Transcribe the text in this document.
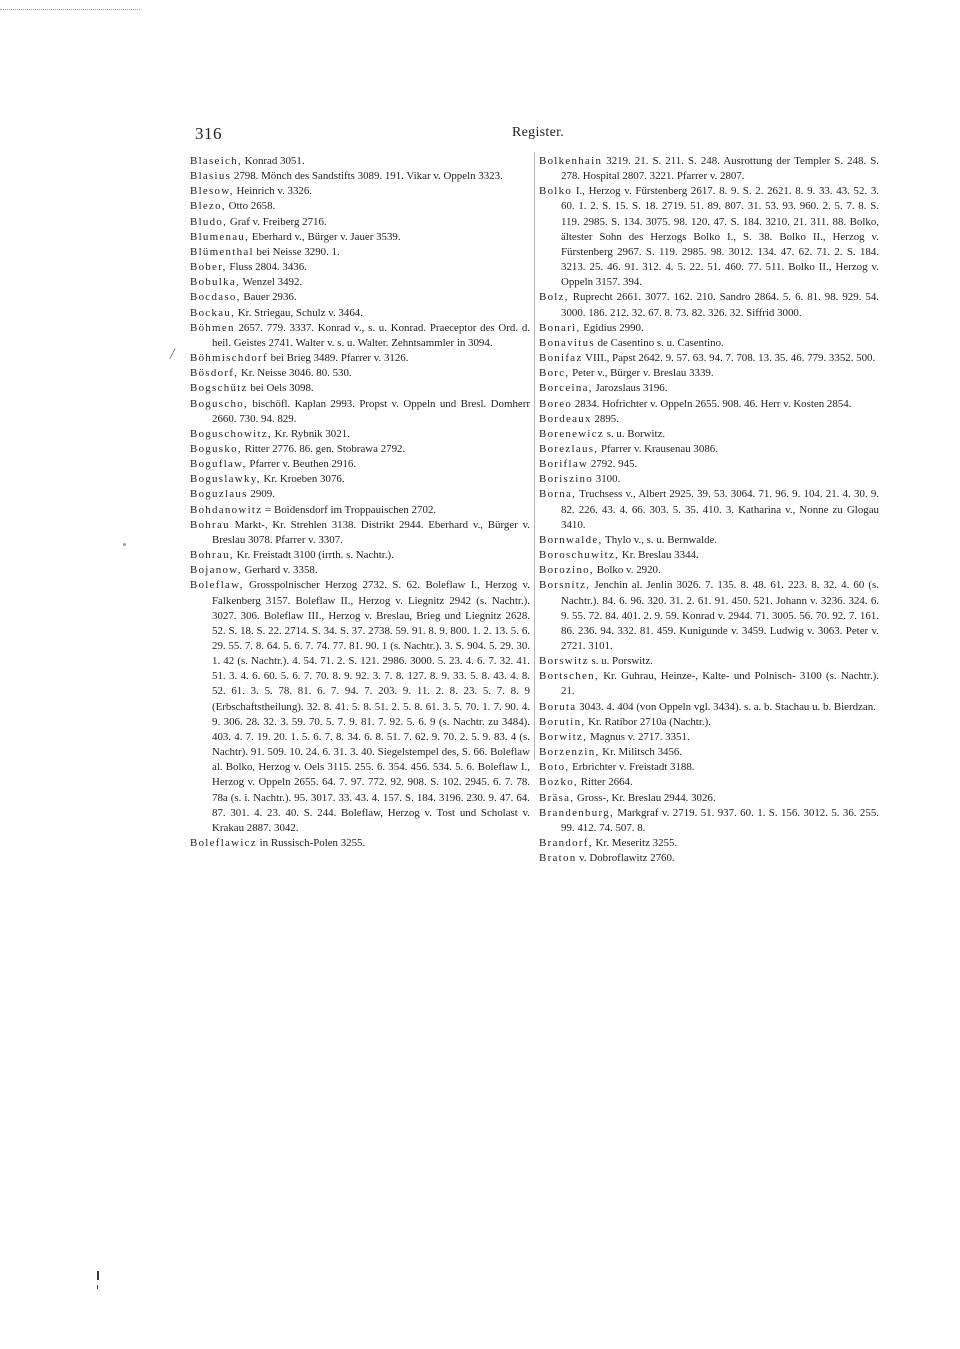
316	Register.
/

Blaseich, Konrad 3051.

Blasius 2798. Mönch des Sandstifts 3089. 191. Vikar v. Oppeln 3323.

Blesow, Heinrich v. 3326.

Blezo, Otto 2658.

Bludo, Graf v. Freiberg 2716.

Blumenau, Eberhard v., Bürger v. Jauer 3539.

Blümenthal bei Neisse 3290. 1.

Bober, Fluss 2804. 3436.

Bobulka, Wenzel 3492.

Bocdaso, Bauer 2936.

Bockau, Kr. Striegau, Schulz v. 3464.

Böhmen 2657. 779. 3337. Konrad v., s. u. Konrad. Praeceptor des Ord. d. heil. Geistes 2741. Walter v. s. u. Walter. Zehntsammler in 3094.

Böhmischdorf bei Brieg 3489. Pfarrer v. 3126.

Bösdorf, Kr. Neisse 3046. 80. 530.

Bogschütz bei Oels 3098.

Boguscho, bischöfl. Kaplan 2993. Propst v. Oppeln und Bresl. Domherr 2660. 730. 94. 829.

Boguschowitz, Kr. Rybnik 3021.

Bogusko, Ritter 2776. 86. gen. Stobrawa 2792.

Boguflaw, Pfarrer v. Beuthen 2916.

Boguslawky, Kr. Kroeben 3076.

Boguzlaus 2909.

Bohdanowitz = Boidensdorf im Troppauischen 2702.

Bohrau Markt-, Kr. Strehlen 3138. Distrikt 2944. Eberhard v., Bürger v. Breslau 3078. Pfarrer v. 3307.

Bohrau, Kr. Freistadt 3100 (irrth. s. Nachtr.).

Bojanow, Gerhard v. 3358.

Boleflaw, Grosspolnischer Herzog 2732. S. 62. Boleflaw I., Herzog v. Falkenberg 3157. Boleflaw II., Herzog v. Liegnitz 2942 (s. Nachtr.). 3027. 306. Boleflaw III., Herzog v. Breslau, Brieg und Liegnitz 2628. 52. S. 18. S. 22. 2714. S. 34. S. 37. 2738. 59. 91. 8. 9. 800. 1. 2. 13. 5. 6. 29. 55. 7. 8. 64. 5. 6. 7. 74. 77. 81. 90. 1 (s. Nachtr.). 3. S. 904. 5. 29. 30. 1. 42 (s. Nachtr.). 4. 54. 71. 2. S. 121. 2986. 3000. 5. 23. 4. 6. 7. 32. 41. 51. 3. 4. 6. 60. 5. 6. 7. 70. 8. 9. 92. 3. 7. 8. 127. 8. 9. 33. 5. 8. 43. 4. 8. 52. 61. 3. 5. 78. 81. 6. 7. 94. 7. 203. 9. 11. 2. 8. 23. 5. 7. 8. 9 (Erbschaftstheilung). 32. 8. 41. 5. 8. 51. 2. 5. 8. 61. 3. 5. 70. 1. 7. 90. 4. 9. 306. 28. 32. 3. 59. 70. 5. 7. 9. 81. 7. 92. 5. 6. 9 (s. Nachtr. zu 3484). 403. 4. 7. 19. 20. 1. 5. 6. 7. 8. 34. 6. 8. 51. 7. 62. 9. 70. 2. 5. 9. 83. 4 (s. Nachtr). 91. 509. 10. 24. 6. 31. 3. 40. Siegelstempel des, S. 66. Boleflaw al. Bolko, Herzog v. Oels 3115. 255. 6. 354. 456. 534. 5. 6. Boleflaw I., Herzog v. Oppeln 2655. 64. 7. 97. 772. 92. 908. S. 102. 2945. 6. 7. 78. 78a (s. i. Nachtr.). 95. 3017. 33. 43. 4. 157. S. 184. 3196. 230. 9. 47. 64. 87. 301. 4. 23. 40. S. 244. Boleflaw, Herzog v. Tost und Scholast v. Krakau 2887. 3042.

Boleflawicz in Russisch-Polen 3255.

Bolkenhain 3219. 21. S. 211. S. 248. Ausrottung der Templer S. 248. S. 278. Hospital 2807. 3221. Pfarrer v. 2807.

Bolko I., Herzog v. Fürstenberg 2617. 8. 9. S. 2. 2621. 8. 9. 33. 43. 52. 3. 60. 1. 2. S. 15. S. 18. 2719. 51. 89. 807. 31. 53. 93. 960. 2. 5. 7. 8. S. 119. 2985. S. 134. 3075. 98. 120. 47. S. 184. 3210. 21. 311. 88. Bolko, ältester Sohn des Herzogs Bolko I., S. 38. Bolko II., Herzog v. Fürstenberg 2967. S. 119. 2985. 98. 3012. 134. 47. 62. 71. 2. S. 184. 3213. 25. 46. 91. 312. 4. 5. 22. 51. 460. 77. 511. Bolko II., Herzog v. Oppeln 3157. 394.

Bolz, Ruprecht 2661. 3077. 162. 210. Sandro 2864. 5. 6. 81. 98. 929. 54. 3000. 186. 212. 32. 67. 8. 73. 82. 326. 32. Siffrid 3000.

Bonari, Egidius 2990.

Bonavitus de Casentino s. u. Casentino.

Bonifaz VIII., Papst 2642. 9. 57. 63. 94. 7. 708. 13. 35. 46. 779. 3352. 500.

Borc, Peter v., Bürger v. Breslau 3339.

Borceina, Jarozslaus 3196.

Boreo 2834. Hofrichter v. Oppeln 2655. 908. 46. Herr v. Kosten 2854.

Bordeaux 2895.

Borenewicz s. u. Borwitz.

Borezlaus, Pfarrer v. Krausenau 3086.

Boriflaw 2792. 945.

Boriszino 3100.

Borna, Truchsess v., Albert 2925. 39. 53. 3064. 71. 96. 9. 104. 21. 4. 30. 9. 82. 226. 43. 4. 66. 303. 5. 35. 410. 3. Katharina v., Nonne zu Glogau 3410.

Bornwalde, Thylo v., s. u. Bernwalde.

Boroschuwitz, Kr. Breslau 3344.

Borozino, Bolko v. 2920.

Borsnitz, Jenchin al. Jenlin 3026. 7. 135. 8. 48. 61. 223. 8. 32. 4. 60 (s. Nachtr.). 84. 6. 96. 320. 31. 2. 61. 91. 450. 521. Johann v. 3236. 324. 6. 9. 55. 72. 84. 401. 2. 9. 59. Konrad v. 2944. 71. 3005. 56. 70. 92. 7. 161. 86. 236. 94. 332. 81. 459. Kunigunde v. 3459. Ludwig v. 3063. Peter v. 2721. 3101.

Borswitz s. u. Porswitz.

Bortschen, Kr. Guhrau, Heinze-, Kalte- und Polnisch- 3100 (s. Nachtr.). 21.

Boruta 3043. 4. 404 (von Oppeln vgl. 3434). s. a. b. Stachau u. b. Bierdzan.

Borutin, Kr. Ratibor 2710a (Nachtr.).

Borwitz, Magnus v. 2717. 3351.

Borzenzin, Kr. Militsch 3456.

Boto, Erbrichter v. Freistadt 3188.

Bozko, Ritter 2664.

Bräsa, Gross-, Kr. Breslau 2944. 3026.

Brandenburg, Markgraf v. 2719. 51. 937. 60. 1. S. 156. 3012. 5. 36. 255. 99. 412. 74. 507. 8.

Brandorf, Kr. Meseritz 3255.

Braton v. Dobroflawitz 2760.
